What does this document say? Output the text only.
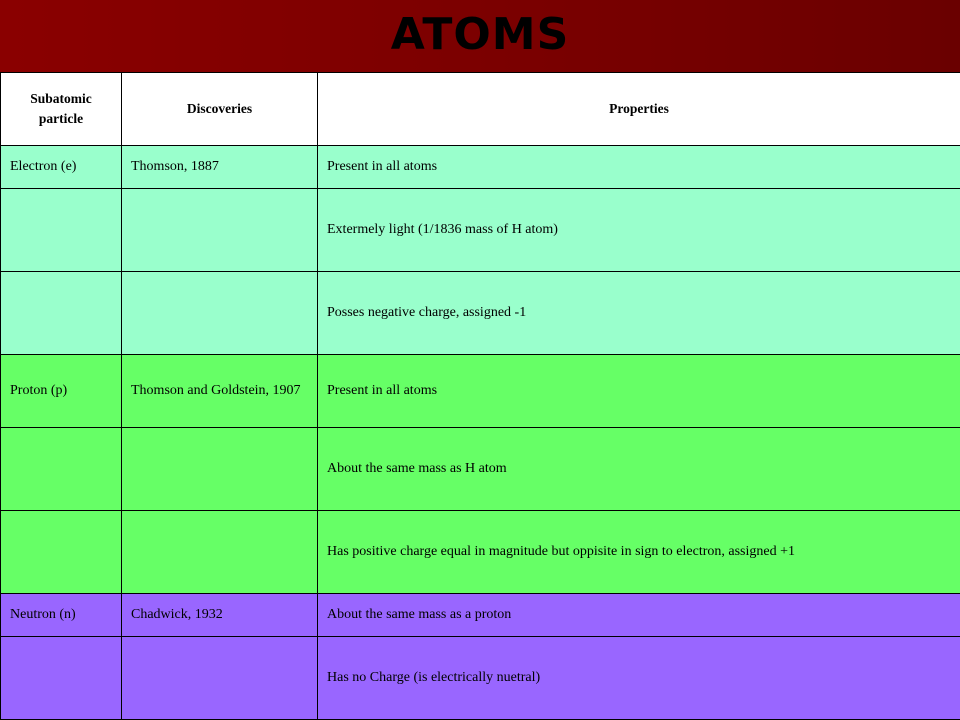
ATOMS
Subatomic particle	Discoveries	Properties
Electron (e)	Thomson, 1887	Present in all atoms
		Extermely light (1/1836 mass of H atom)
		Posses negative charge, assigned -1
Proton (p)	Thomson and Goldstein, 1907	Present in all atoms
		About the same mass as H atom
		Has positive charge equal in magnitude but oppisite in sign to electron, assigned +1
Neutron (n)	Chadwick, 1932	About the same mass as a proton
		Has no Charge (is electrically nuetral)
